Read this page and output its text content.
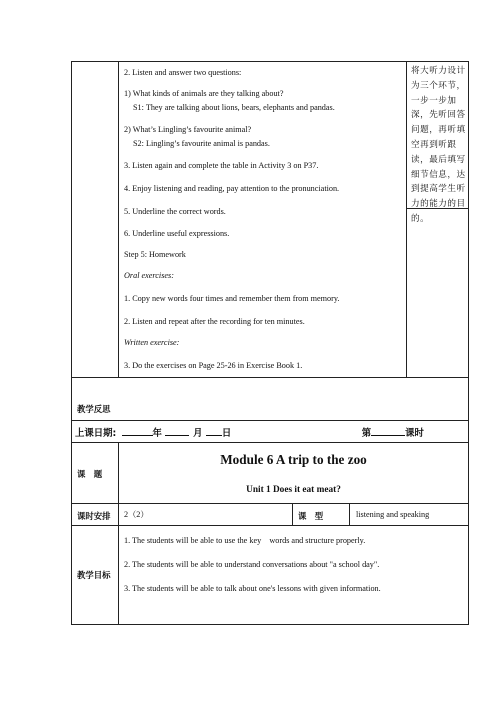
2. Listen and answer two questions:
1) What kinds of animals are they talking about?
S1: They are talking about lions, bears, elephants and pandas.
2) What’s Lingling’s favourite animal?
S2: Lingling’s favourite animal is pandas.
3. Listen again and complete the table in Activity 3 on P37.
4. Enjoy listening and reading, pay attention to the pronunciation.
5. Underline the correct words.
6. Underline useful expressions.
Step 5: Homework
Oral exercises:
1. Copy new words four times and remember them from memory.
2. Listen and repeat after the recording for ten minutes.
Written exercise:
3. Do the exercises on Page 25-26 in Exercise Book 1.
将大听力设计为三个环节，一步一步加深，先听回答问题，再听填空再到听跟读，最后填写细节信息，达到提高学生听力的能力的目的。
教学反思
上课日期:	年	月 日	第	课时
课　题
Module 6 A trip to the zoo
Unit 1 Does it eat meat?
课时安排 2（2）	课　型	listening and speaking
教学目标
1. The students will be able to use the key　words and structure properly.
2. The students will be able to understand conversations about "a school day".
3. The students will be able to talk about one's lessons with given information.
